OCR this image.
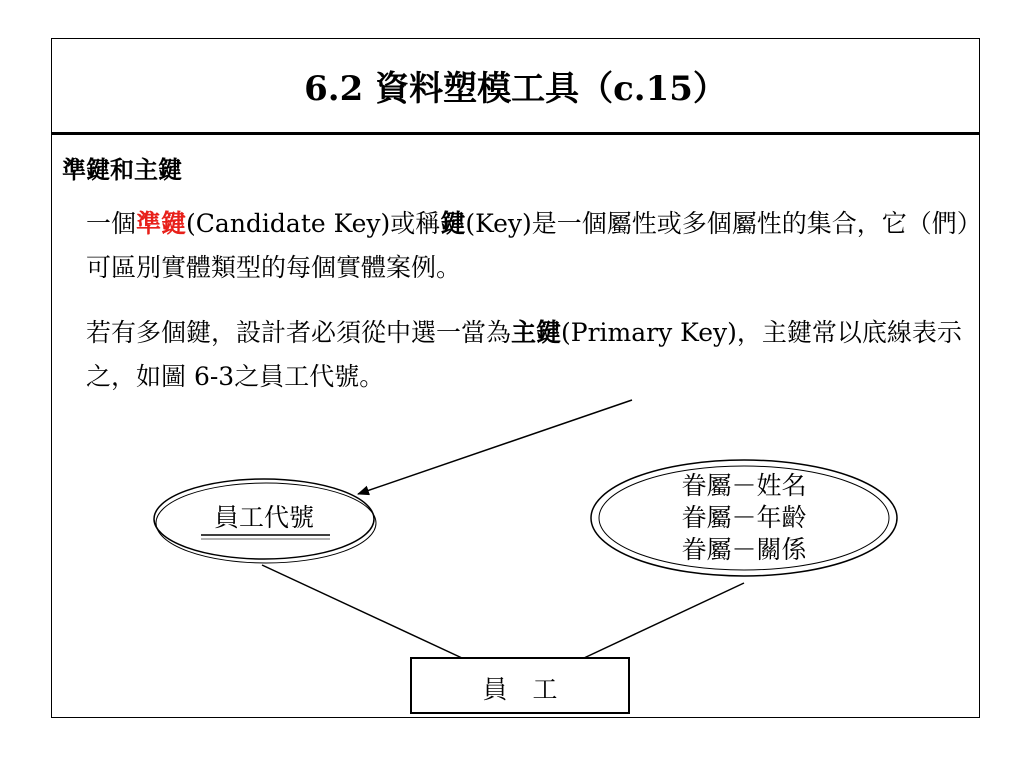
6.2 資料塑模工具（c.15）
準鍵和主鍵
一個準鍵(Candidate Key)或稱鍵(Key)是一個屬性或多個屬性的集合，它（們）可區別實體類型的每個實體案例。
若有多個鍵，設計者必須從中選一當為主鍵(Primary Key)，主鍵常以底線表示之，如圖 6-3之員工代號。
員工代號
眷屬－姓名
眷屬－年齡
眷屬－關係
員　工
